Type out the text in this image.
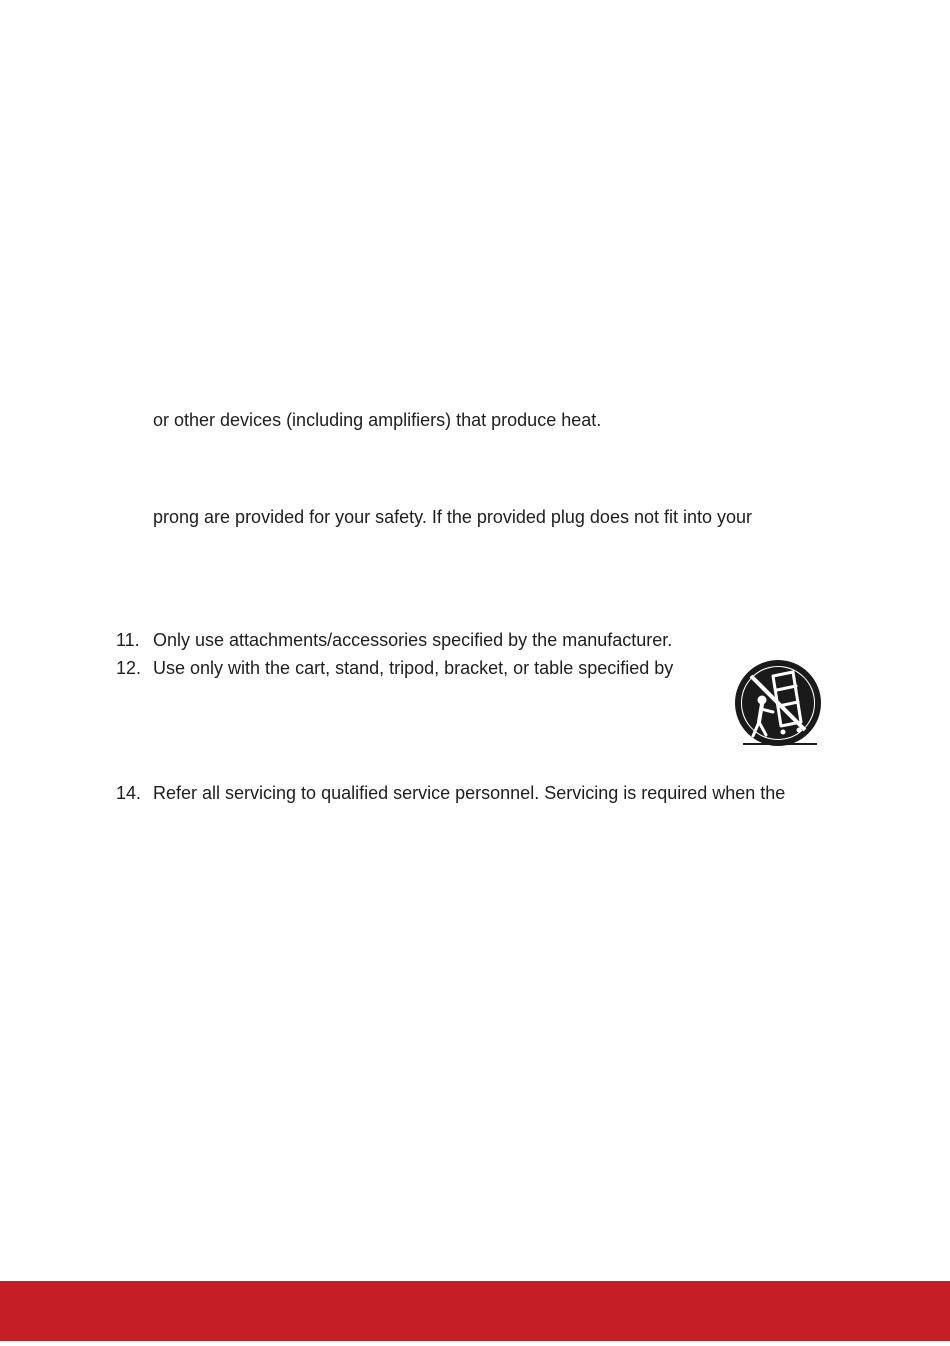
or other devices (including amplifiers) that produce heat.
prong are provided for your safety. If the provided plug does not fit into your
11. Only use attachments/accessories specified by the manufacturer.
12. Use only with the cart, stand, tripod, bracket, or table specified by
14. Refer all servicing to qualified service personnel. Servicing is required when the
